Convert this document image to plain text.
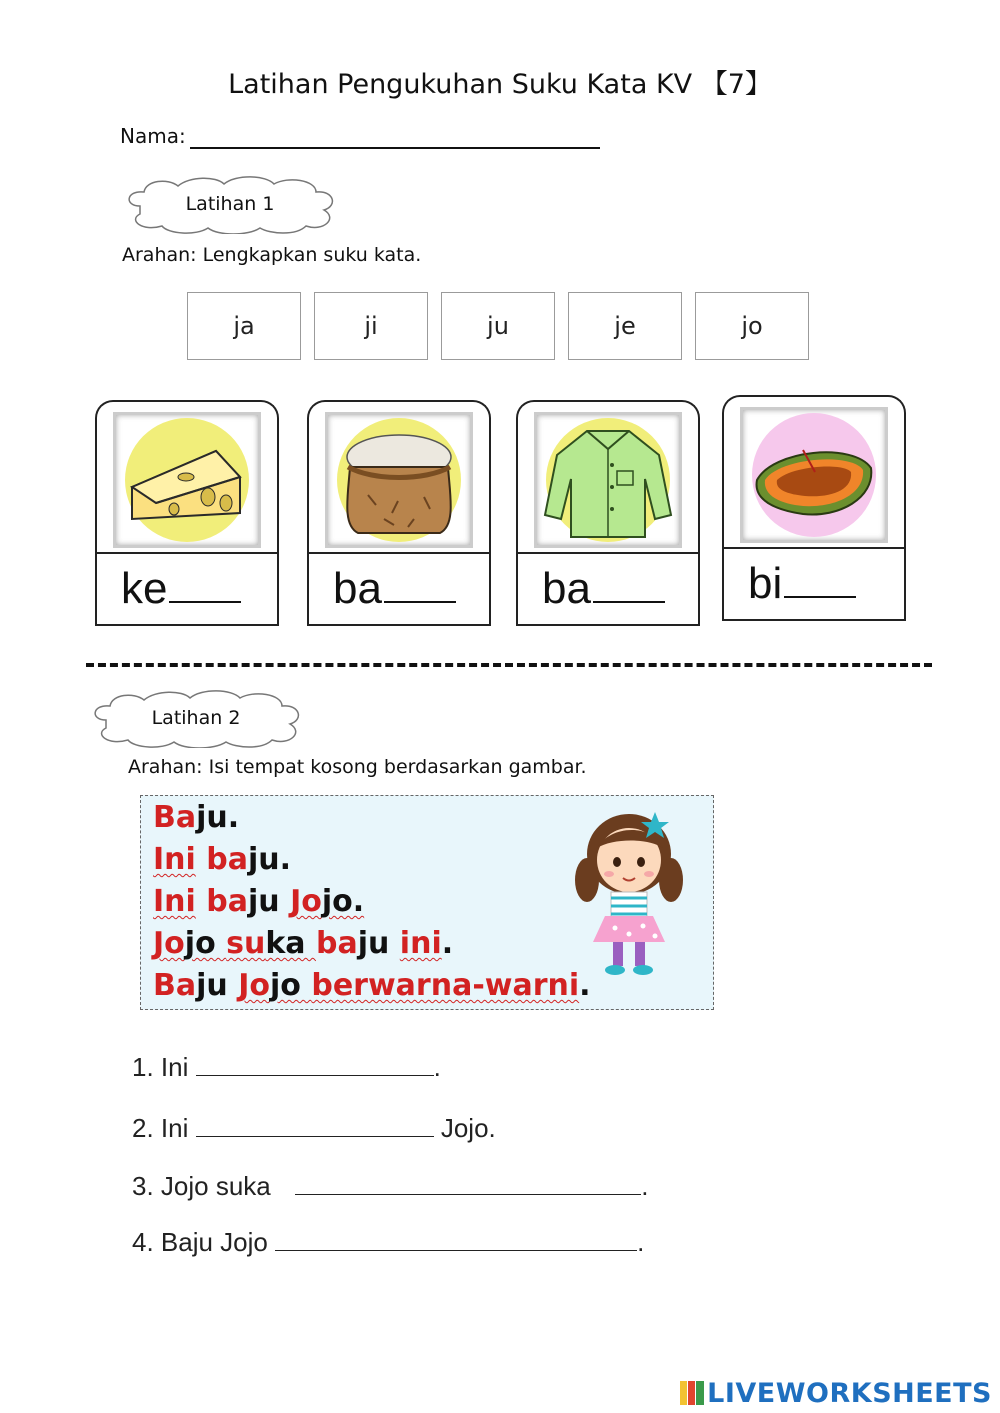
Latihan Pengukuhan Suku Kata KV 【7】
Nama:
Latihan 1
Arahan: Lengkapkan suku kata.
ja	ji	ju	je	jo
ke	ba	ba	bi
Latihan 2
Arahan: Isi tempat kosong berdasarkan gambar.
Baju.
Ini baju.
Ini baju Jojo.
Jojo suka baju ini.
Baju Jojo berwarna-warni.
1. Ini	.
2. Ini	Jojo.
3. Jojo suka	.
4. Baju Jojo	.
LIVEWORKSHEETS
